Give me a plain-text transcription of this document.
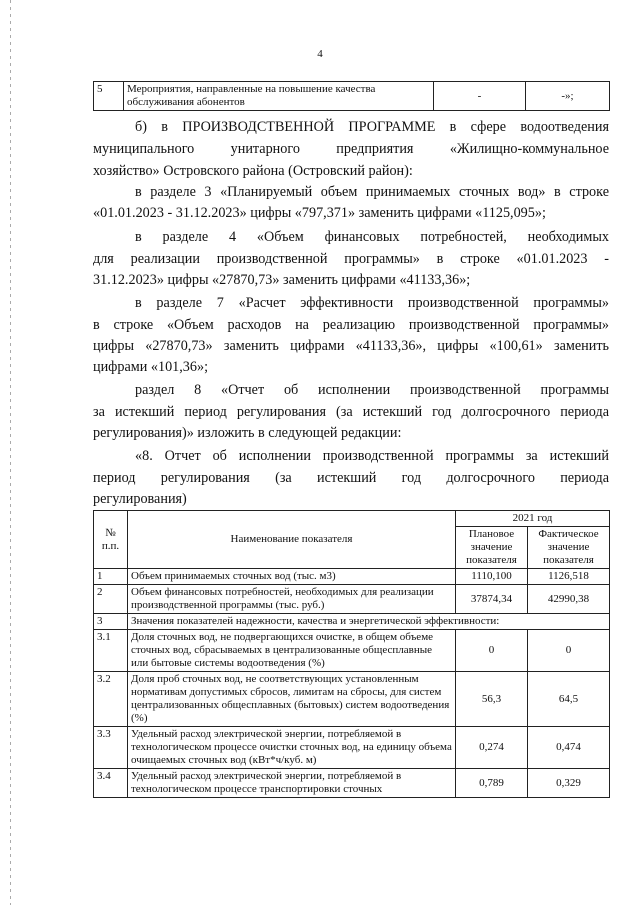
4
5	Мероприятия, направленные на повышение качества обслуживания абонентов	-	-»;
б) в ПРОИЗВОДСТВЕННОЙ ПРОГРАММЕ в сфере водоотведения
муниципального унитарного предприятия «Жилищно-коммунальное
хозяйство» Островского района (Островский район):
в разделе 3 «Планируемый объем принимаемых сточных вод» в строке
«01.01.2023 - 31.12.2023» цифры «797,371» заменить цифрами «1125,095»;
в разделе 4 «Объем финансовых потребностей, необходимых
для реализации производственной программы» в строке «01.01.2023 -
31.12.2023» цифры «27870,73» заменить цифрами «41133,36»;
в разделе 7 «Расчет эффективности производственной программы»
в строке «Объем расходов на реализацию производственной программы»
цифры «27870,73» заменить цифрами «41133,36», цифры «100,61» заменить
цифрами «101,36»;
раздел 8 «Отчет об исполнении производственной программы
за истекший период регулирования (за истекший год долгосрочного периода
регулирования)» изложить в следующей редакции:
«8. Отчет об исполнении производственной программы за истекший
период регулирования (за истекший год долгосрочного периода
регулирования)
№ п.п.	Наименование показателя	2021 год	
		Плановое значение показателя	Фактическое значение показателя
1	Объем принимаемых сточных вод (тыс. м3)	1110,100	1126,518
2	Объем финансовых потребностей, необходимых для реализации производственной программы (тыс. руб.)	37874,34	42990,38
3	Значения показателей надежности, качества и энергетической эффективности:		
3.1	Доля сточных вод, не подвергающихся очистке, в общем объеме сточных вод, сбрасываемых в централизованные общесплавные или бытовые системы водоотведения (%)	0	0
3.2	Доля проб сточных вод, не соответствующих установленным нормативам допустимых сбросов, лимитам на сбросы, для систем централизованных общесплавных (бытовых) систем водоотведения (%)	56,3	64,5
3.3	Удельный расход электрической энергии, потребляемой в технологическом процессе очистки сточных вод, на единицу объема очищаемых сточных вод (кВт*ч/куб. м)	0,274	0,474
3.4	Удельный расход электрической энергии, потребляемой в технологическом процессе транспортировки сточных	0,789	0,329
